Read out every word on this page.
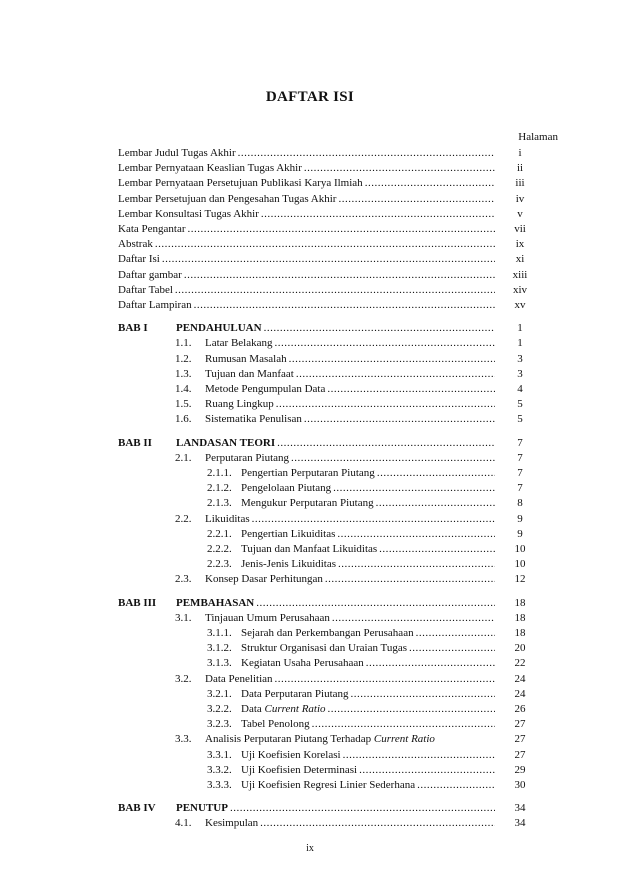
DAFTAR ISI
Halaman
Lembar Judul Tugas Akhir .....	i
Lembar Pernyataan Keaslian Tugas Akhir .....	ii
Lembar Pernyataan Persetujuan Publikasi Karya Ilmiah .....	iii
Lembar Persetujuan dan Pengesahan Tugas Akhir .....	iv
Lembar Konsultasi Tugas Akhir .....	v
Kata Pengantar .....	vii
Abstrak .....	ix
Daftar Isi .....	xi
Daftar gambar .....	xiii
Daftar Tabel .....	xiv
Daftar Lampiran .....	xv
BAB I	PENDAHULUAN .....	1
1.1.	Latar Belakang .....	1
1.2.	Rumusan Masalah .....	3
1.3.	Tujuan dan Manfaat .....	3
1.4.	Metode Pengumpulan Data .....	4
1.5.	Ruang Lingkup .....	5
1.6.	Sistematika Penulisan .....	5
BAB II	LANDASAN TEORI .....	7
2.1.	Perputaran Piutang .....	7
2.1.1. Pengertian Perputaran Piutang .....	7
2.1.2. Pengelolaan Piutang .....	7
2.1.3. Mengukur Perputaran Piutang .....	8
2.2.	Likuiditas .....	9
2.2.1. Pengertian Likuiditas .....	9
2.2.2. Tujuan dan Manfaat Likuiditas .....	10
2.2.3. Jenis-Jenis Likuiditas .....	10
2.3.	Konsep Dasar Perhitungan .....	12
BAB III	PEMBAHASAN .....	18
3.1.	Tinjauan Umum Perusahaan .....	18
3.1.1. Sejarah dan Perkembangan Perusahaan .....	18
3.1.2. Struktur Organisasi dan Uraian Tugas .....	20
3.1.3. Kegiatan Usaha Perusahaan .....	22
3.2.	Data Penelitian .....	24
3.2.1. Data Perputaran Piutang .....	24
3.2.2. Data Current Ratio .....	26
3.2.3. Tabel Penolong .....	27
3.3.	Analisis Perputaran Piutang Terhadap Current Ratio	27
3.3.1. Uji Koefisien Korelasi .....	27
3.3.2. Uji Koefisien Determinasi .....	29
3.3.3. Uji Koefisien Regresi Linier Sederhana .....	30
BAB IV	PENUTUP .....	34
4.1.	Kesimpulan .....	34
ix
